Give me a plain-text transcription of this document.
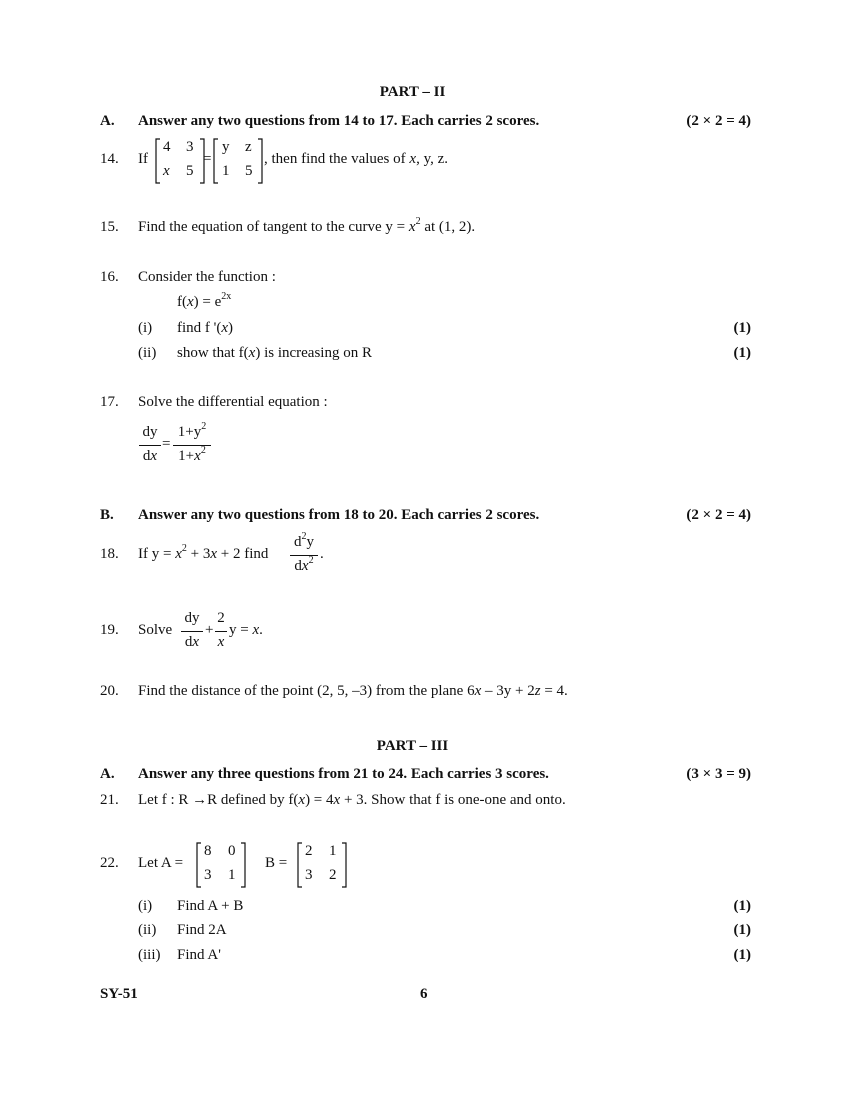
PART – II
A. Answer any two questions from 14 to 17. Each carries 2 scores.	(2 × 2 = 4)
14. If
4 3
x 5
=
y z
1 5
, then find the values of x, y, z.
15. Find the equation of tangent to the curve $y = x^2$ at (1, 2).
16. Consider the function :
$f(x) = e^{2x}$
(i) find f '(x)	(1)
(ii) show that f(x) is increasing on R	(1)
17. Solve the differential equation :
dy
dx
=
$1+y^2$
$1+x^2$
B. Answer any two questions from 18 to 20. Each carries 2 scores.	(2 × 2 = 4)
18. If $y = x^2 + 3x + 2$ find
$d^2y$
$dx^2$ .
19. Solve
dy
dx
+
2
x
y = x.
20. Find the distance of the point (2, 5, –3) from the plane 6x – 3y + 2z = 4.
PART – III
A. Answer any three questions from 21 to 24. Each carries 3 scores.	(3 × 3 = 9)
21. Let f : R →R defined by f(x) = 4x + 3. Show that f is one-one and onto.
22. Let A =
8 0
3 1
B =
2 1
3 2
(i) Find A + B	(1)
(ii) Find 2A	(1)
(iii) Find A'	(1)
SY-51	6
